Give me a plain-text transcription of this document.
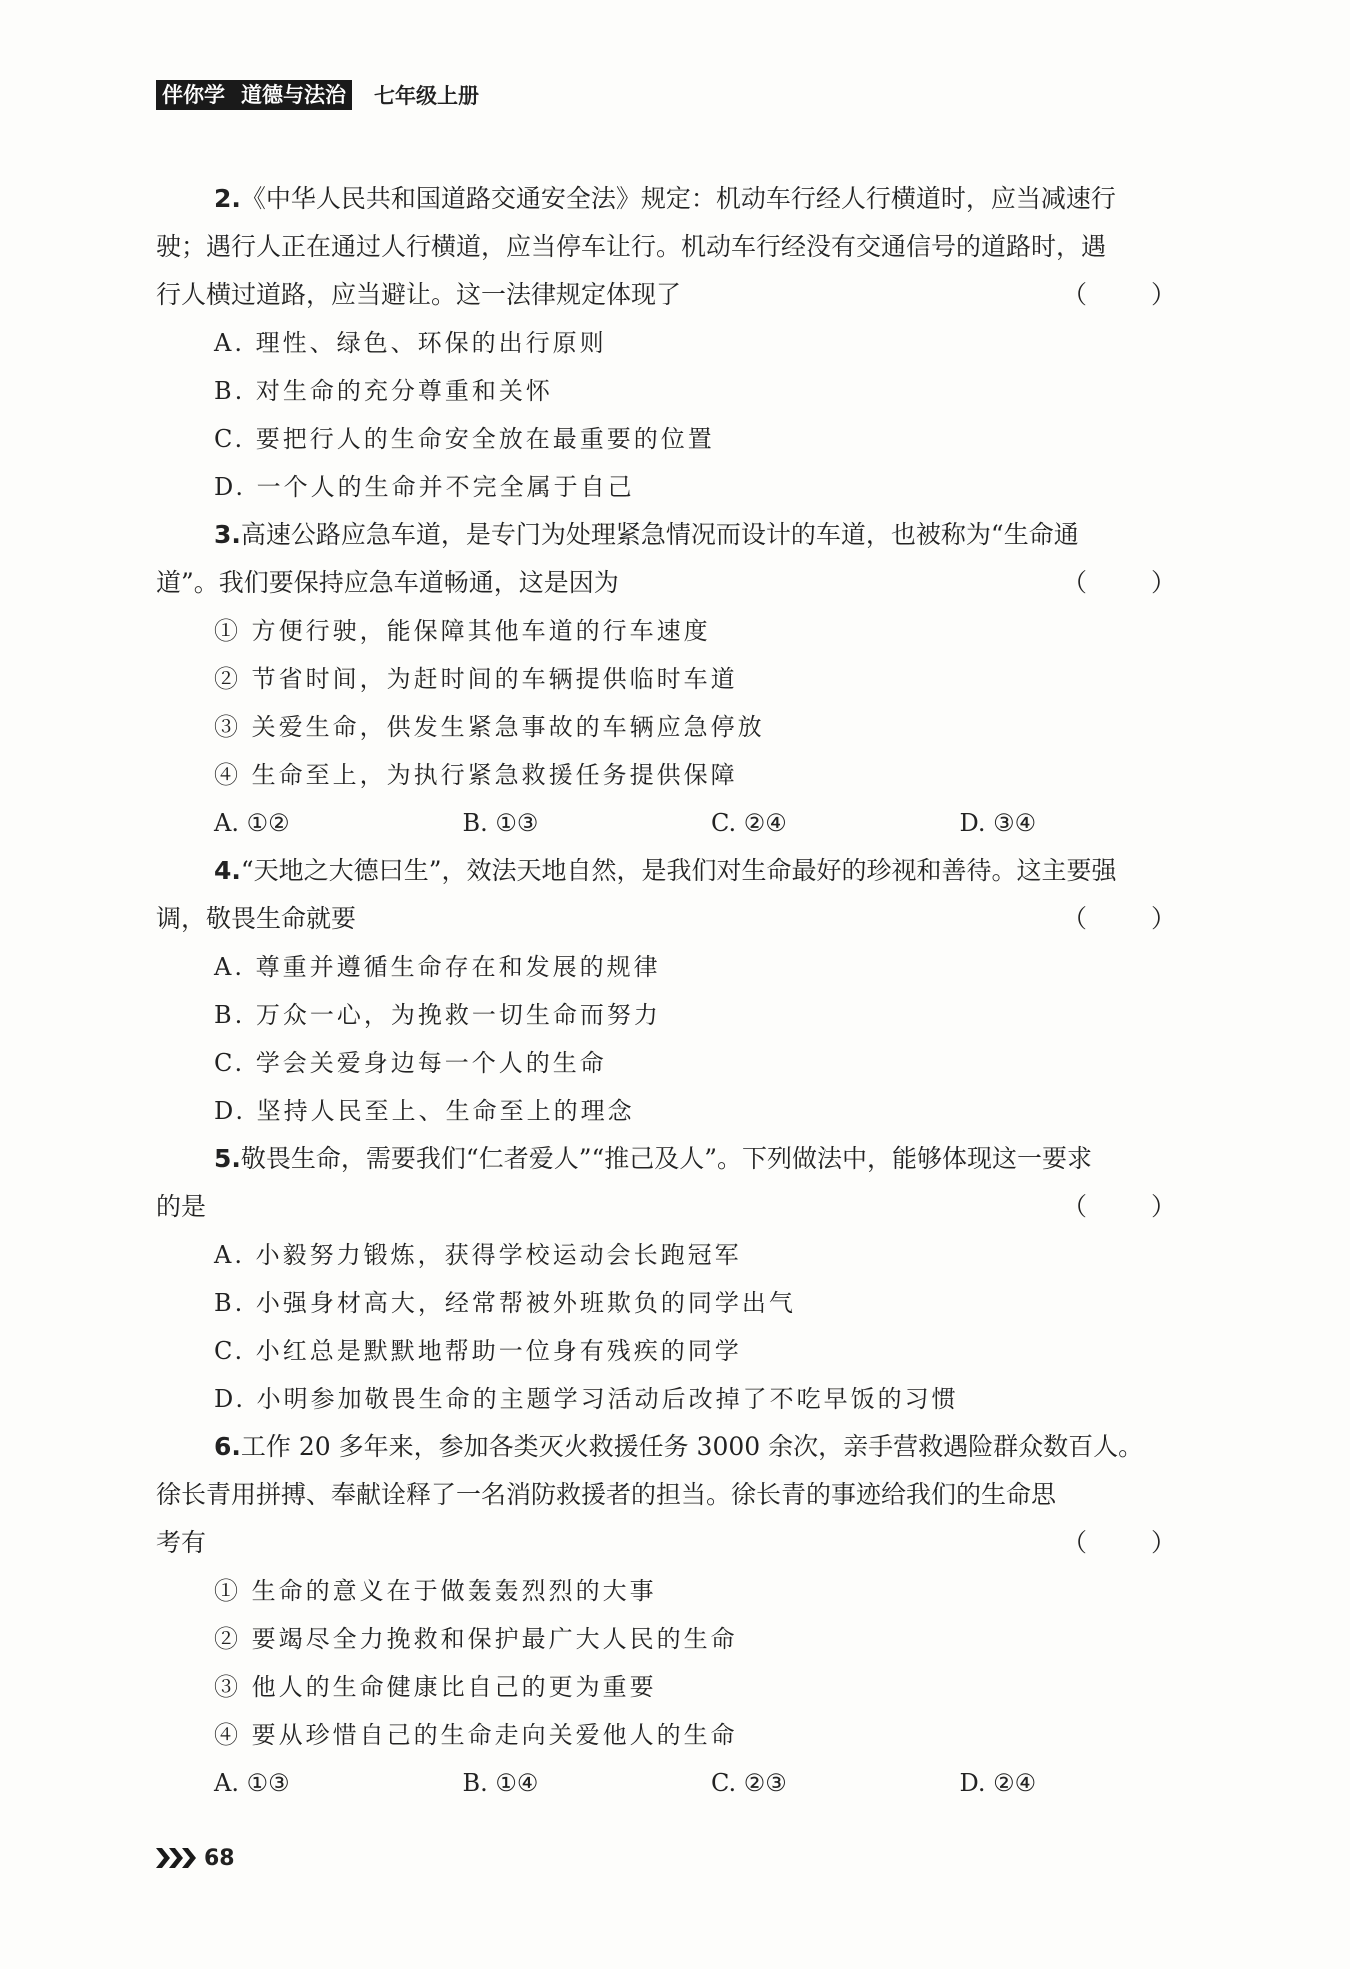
伴你学 道德与法治 七年级上册
2.《中华人民共和国道路交通安全法》规定：机动车行经人行横道时，应当减速行
驶；遇行人正在通过人行横道，应当停车让行。机动车行经没有交通信号的道路时，遇
行人横过道路，应当避让。这一法律规定体现了	（ ）
A. 理性、绿色、环保的出行原则
B. 对生命的充分尊重和关怀
C. 要把行人的生命安全放在最重要的位置
D. 一个人的生命并不完全属于自己
3.高速公路应急车道，是专门为处理紧急情况而设计的车道，也被称为“生命通
道”。我们要保持应急车道畅通，这是因为	（ ）
① 方便行驶，能保障其他车道的行车速度
② 节省时间，为赶时间的车辆提供临时车道
③ 关爱生命，供发生紧急事故的车辆应急停放
④ 生命至上，为执行紧急救援任务提供保障
A. ①②	B. ①③	C. ②④	D. ③④
4.“天地之大德曰生”，效法天地自然，是我们对生命最好的珍视和善待。这主要强
调，敬畏生命就要	（ ）
A. 尊重并遵循生命存在和发展的规律
B. 万众一心，为挽救一切生命而努力
C. 学会关爱身边每一个人的生命
D. 坚持人民至上、生命至上的理念
5.敬畏生命，需要我们“仁者爱人”“推己及人”。下列做法中，能够体现这一要求
的是	（ ）
A. 小毅努力锻炼，获得学校运动会长跑冠军
B. 小强身材高大，经常帮被外班欺负的同学出气
C. 小红总是默默地帮助一位身有残疾的同学
D. 小明参加敬畏生命的主题学习活动后改掉了不吃早饭的习惯
6.工作 20 多年来，参加各类灭火救援任务 3000 余次，亲手营救遇险群众数百人。
徐长青用拼搏、奉献诠释了一名消防救援者的担当。徐长青的事迹给我们的生命思
考有	（ ）
① 生命的意义在于做轰轰烈烈的大事
② 要竭尽全力挽救和保护最广大人民的生命
③ 他人的生命健康比自己的更为重要
④ 要从珍惜自己的生命走向关爱他人的生命
A. ①③	B. ①④	C. ②③	D. ②④
68
